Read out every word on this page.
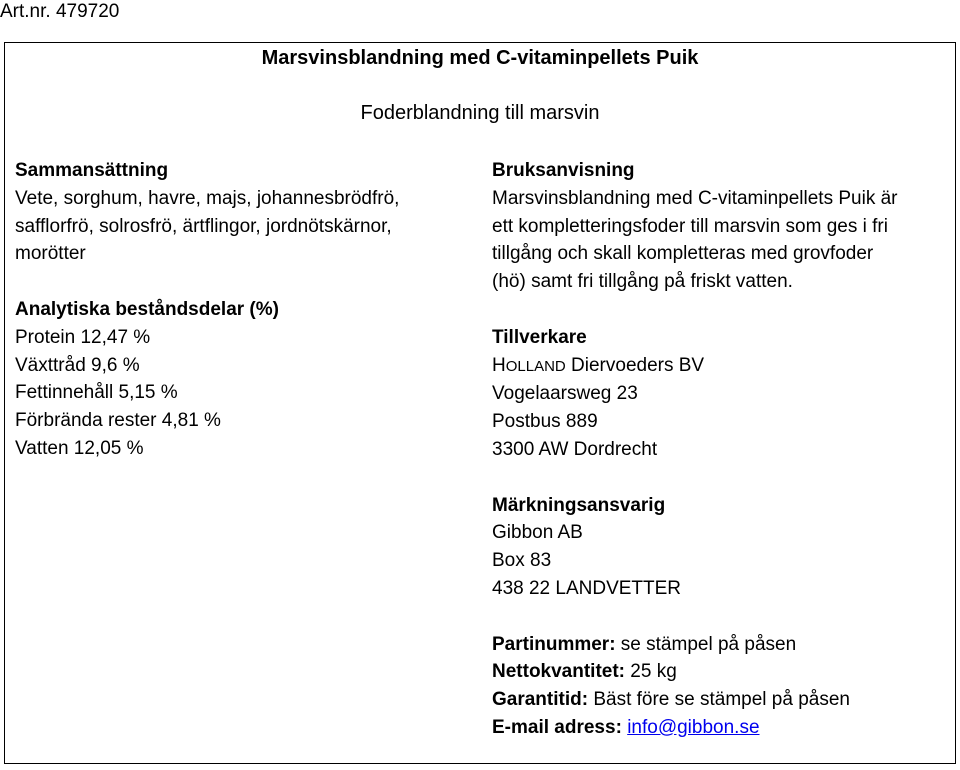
Art.nr. 479720
Marsvinsblandning med C-vitaminpellets Puik
Foderblandning till marsvin
Sammansättning
Vete, sorghum, havre, majs, johannesbrödfrö,
safflorfrö, solrosfrö, ärtflingor, jordnötskärnor,
morötter
Analytiska beståndsdelar (%)
Protein 12,47 %
Växttråd 9,6 %
Fettinnehåll 5,15 %
Förbrända rester 4,81 %
Vatten 12,05 %
Bruksanvisning
Marsvinsblandning med C-vitaminpellets Puik är
ett kompletteringsfoder till marsvin som ges i fri
tillgång och skall kompletteras med grovfoder
(hö) samt fri tillgång på friskt vatten.
Tillverkare
HOLLAND Diervoeders BV
Vogelaarsweg 23
Postbus 889
3300 AW Dordrecht
Märkningsansvarig
Gibbon AB
Box 83
438 22 LANDVETTER
Partinummer: se stämpel på påsen
Nettokvantitet: 25 kg
Garantitid: Bäst före se stämpel på påsen
E-mail adress: info@gibbon.se
